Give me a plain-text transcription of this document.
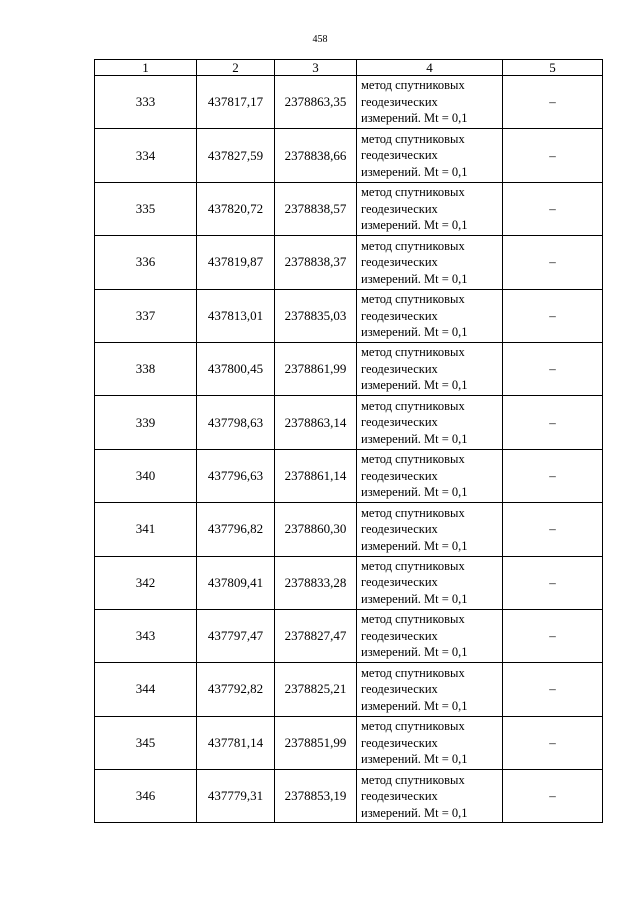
458
1	2	3	4	5
333	437817,17	2378863,35	метод спутниковых
геодезических
измерений. Mt = 0,1	–
334	437827,59	2378838,66	метод спутниковых
геодезических
измерений. Mt = 0,1	–
335	437820,72	2378838,57	метод спутниковых
геодезических
измерений. Mt = 0,1	–
336	437819,87	2378838,37	метод спутниковых
геодезических
измерений. Mt = 0,1	–
337	437813,01	2378835,03	метод спутниковых
геодезических
измерений. Mt = 0,1	–
338	437800,45	2378861,99	метод спутниковых
геодезических
измерений. Mt = 0,1	–
339	437798,63	2378863,14	метод спутниковых
геодезических
измерений. Mt = 0,1	–
340	437796,63	2378861,14	метод спутниковых
геодезических
измерений. Mt = 0,1	–
341	437796,82	2378860,30	метод спутниковых
геодезических
измерений. Mt = 0,1	–
342	437809,41	2378833,28	метод спутниковых
геодезических
измерений. Mt = 0,1	–
343	437797,47	2378827,47	метод спутниковых
геодезических
измерений. Mt = 0,1	–
344	437792,82	2378825,21	метод спутниковых
геодезических
измерений. Mt = 0,1	–
345	437781,14	2378851,99	метод спутниковых
геодезических
измерений. Mt = 0,1	–
346	437779,31	2378853,19	метод спутниковых
геодезических
измерений. Mt = 0,1	–
